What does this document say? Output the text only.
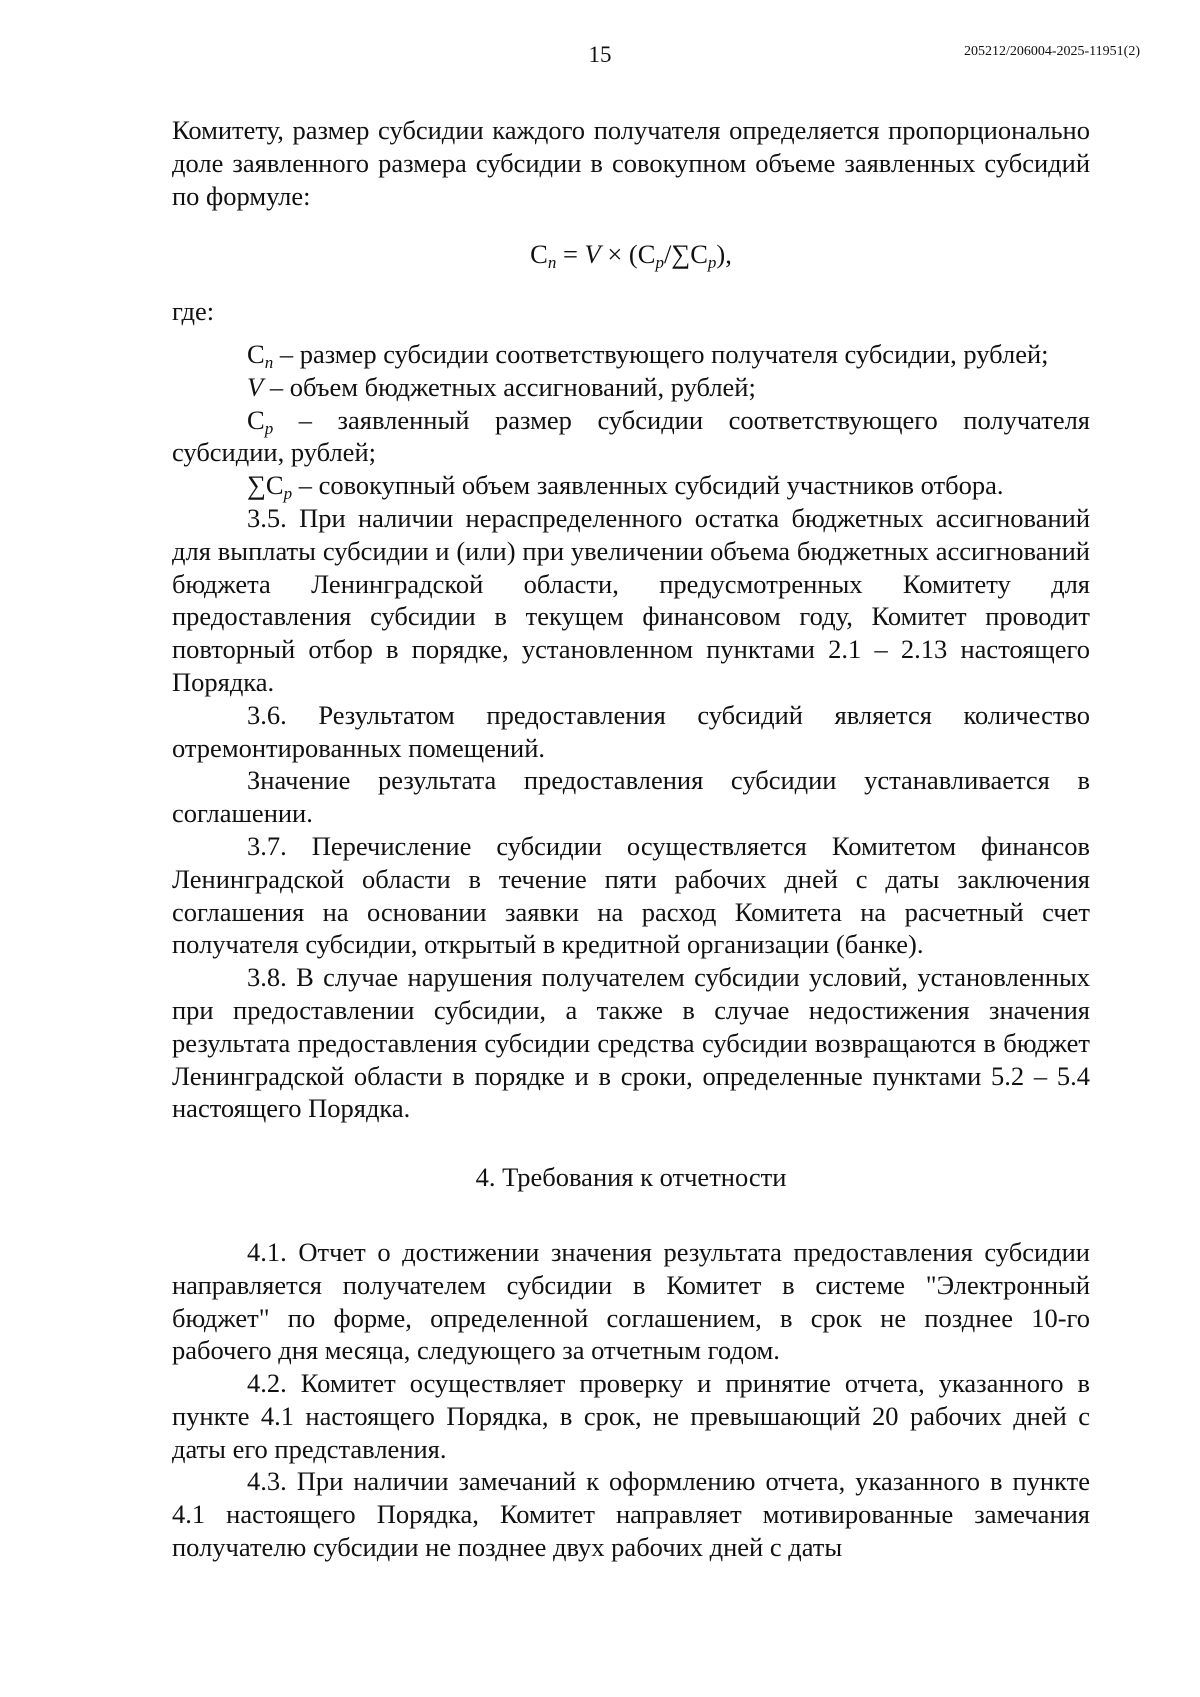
15	205212/206004-2025-11951(2)

Комитету, размер субсидии каждого получателя определяется пропорционально доле заявленного размера субсидии в совокупном объеме заявленных субсидий по формуле:

$C_n = V \times (C_p/\sum C_p)$,

где:

$C_n$ – размер субсидии соответствующего получателя субсидии, рублей;

V – объем бюджетных ассигнований, рублей;

$C_p$ – заявленный размер субсидии соответствующего получателя субсидии, рублей;

$\sum C_p$ – совокупный объем заявленных субсидий участников отбора.

3.5. При наличии нераспределенного остатка бюджетных ассигнований для выплаты субсидии и (или) при увеличении объема бюджетных ассигнований бюджета Ленинградской области, предусмотренных Комитету для предоставления субсидии в текущем финансовом году, Комитет проводит повторный отбор в порядке, установленном пунктами 2.1 – 2.13 настоящего Порядка.

3.6. Результатом предоставления субсидий является количество отремонтированных помещений.

Значение результата предоставления субсидии устанавливается в соглашении.

3.7. Перечисление субсидии осуществляется Комитетом финансов Ленинградской области в течение пяти рабочих дней с даты заключения соглашения на основании заявки на расход Комитета на расчетный счет получателя субсидии, открытый в кредитной организации (банке).

3.8. В случае нарушения получателем субсидии условий, установленных при предоставлении субсидии, а также в случае недостижения значения результата предоставления субсидии средства субсидии возвращаются в бюджет Ленинградской области в порядке и в сроки, определенные пунктами 5.2 – 5.4 настоящего Порядка.

4. Требования к отчетности

4.1. Отчет о достижении значения результата предоставления субсидии направляется получателем субсидии в Комитет в системе "Электронный бюджет" по форме, определенной соглашением, в срок не позднее 10-го рабочего дня месяца, следующего за отчетным годом.

4.2. Комитет осуществляет проверку и принятие отчета, указанного в пункте 4.1 настоящего Порядка, в срок, не превышающий 20 рабочих дней с даты его представления.

4.3. При наличии замечаний к оформлению отчета, указанного в пункте 4.1 настоящего Порядка, Комитет направляет мотивированные замечания получателю субсидии не позднее двух рабочих дней с даты
